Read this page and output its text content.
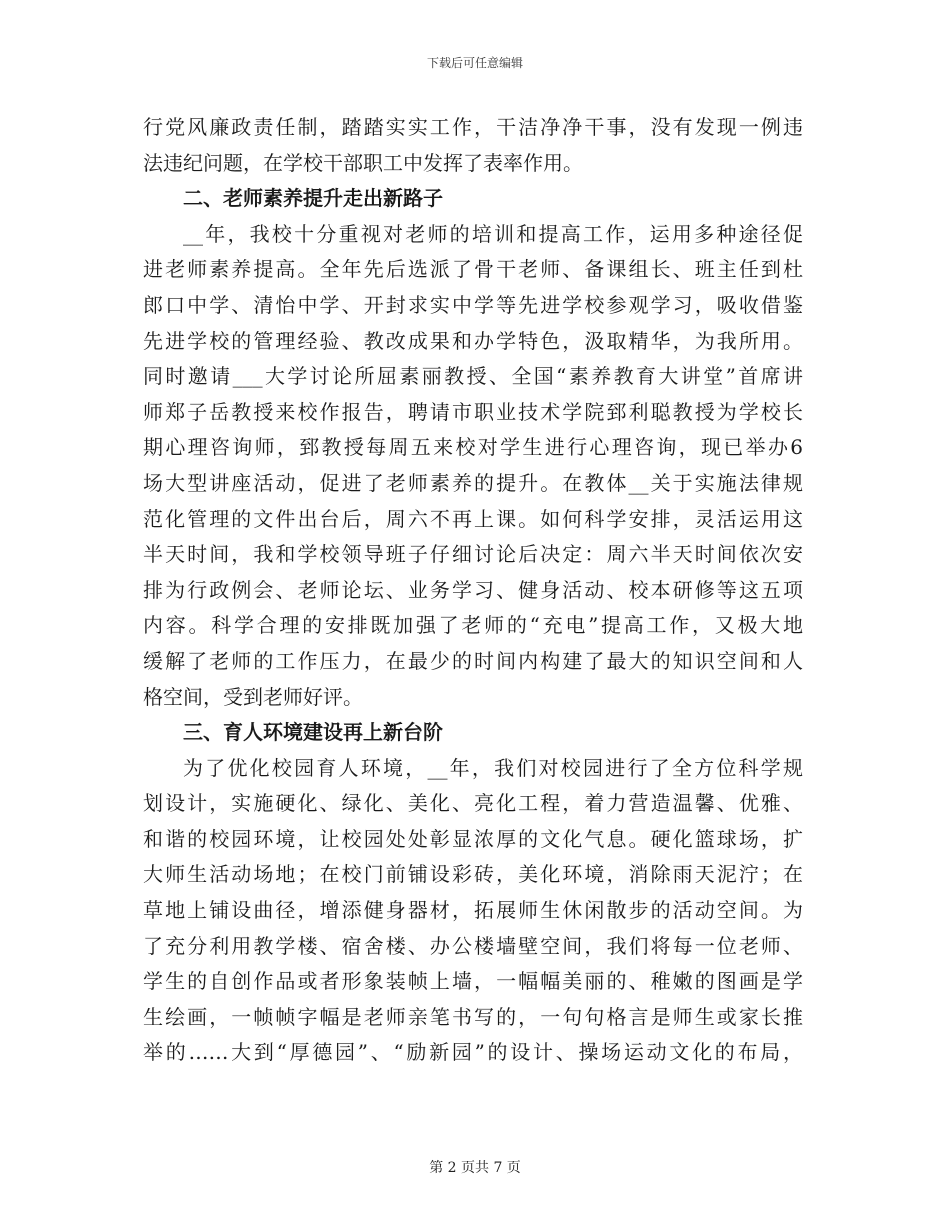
下载后可任意编辑
行党风廉政责任制，踏踏实实工作，干洁净净干事，没有发现一例违
法违纪问题，在学校干部职工中发挥了表率作用。
二、老师素养提升走出新路子
__年，我校十分重视对老师的培训和提高工作，运用多种途径促
进老师素养提高。全年先后选派了骨干老师、备课组长、班主任到杜
郎口中学、清怡中学、开封求实中学等先进学校参观学习，吸收借鉴
先进学校的管理经验、教改成果和办学特色，汲取精华，为我所用。
同时邀请___大学讨论所屈素丽教授、全国“素养教育大讲堂”首席讲
师郑子岳教授来校作报告，聘请市职业技术学院郅利聪教授为学校长
期心理咨询师，郅教授每周五来校对学生进行心理咨询，现已举办6
场大型讲座活动，促进了老师素养的提升。在教体__关于实施法律规
范化管理的文件出台后，周六不再上课。如何科学安排，灵活运用这
半天时间，我和学校领导班子仔细讨论后决定：周六半天时间依次安
排为行政例会、老师论坛、业务学习、健身活动、校本研修等这五项
内容。科学合理的安排既加强了老师的“充电”提高工作，又极大地
缓解了老师的工作压力，在最少的时间内构建了最大的知识空间和人
格空间，受到老师好评。
三、育人环境建设再上新台阶
为了优化校园育人环境，__年，我们对校园进行了全方位科学规
划设计，实施硬化、绿化、美化、亮化工程，着力营造温馨、优雅、
和谐的校园环境，让校园处处彰显浓厚的文化气息。硬化篮球场，扩
大师生活动场地；在校门前铺设彩砖，美化环境，消除雨天泥泞；在
草地上铺设曲径，增添健身器材，拓展师生休闲散步的活动空间。为
了充分利用教学楼、宿舍楼、办公楼墙壁空间，我们将每一位老师、
学生的自创作品或者形象装帧上墙，一幅幅美丽的、稚嫩的图画是学
生绘画，一帧帧字幅是老师亲笔书写的，一句句格言是师生或家长推
举的……大到“厚德园”、“励新园”的设计、操场运动文化的布局，
第 2 页共 7 页
